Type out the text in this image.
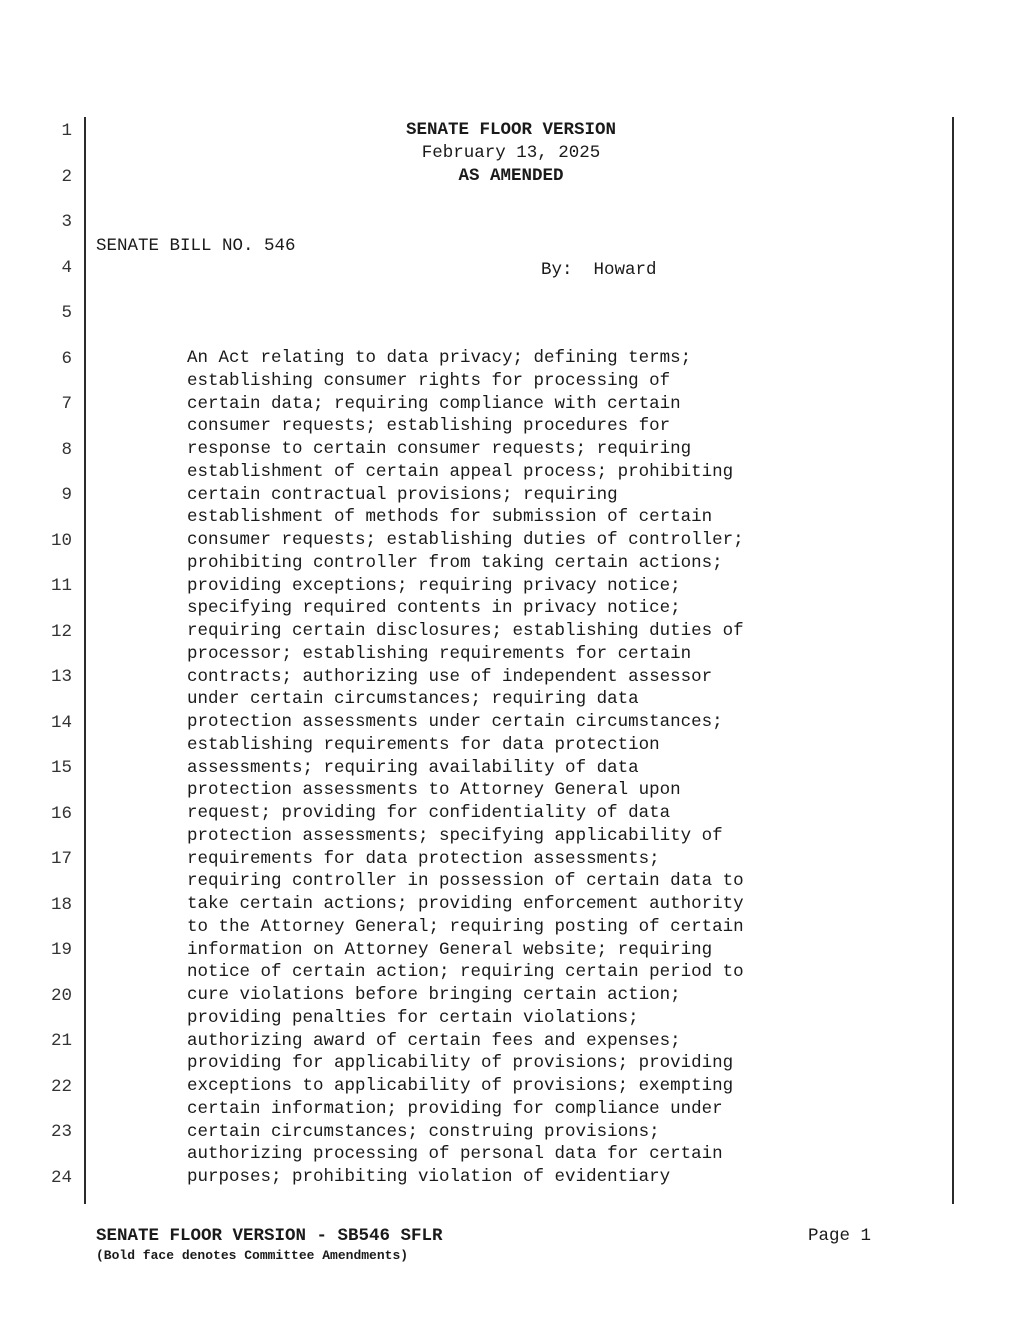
1
2
3
4
5
6
7
8
9
10
11
12
13
14
15
16
17
18
19
20
21
22
23
24
SENATE FLOOR VERSION
February 13, 2025
AS AMENDED

SENATE BILL NO. 546

By:  Howard

An Act relating to data privacy; defining terms;
establishing consumer rights for processing of
certain data; requiring compliance with certain
consumer requests; establishing procedures for
response to certain consumer requests; requiring
establishment of certain appeal process; prohibiting
certain contractual provisions; requiring
establishment of methods for submission of certain
consumer requests; establishing duties of controller;
prohibiting controller from taking certain actions;
providing exceptions; requiring privacy notice;
specifying required contents in privacy notice;
requiring certain disclosures; establishing duties of
processor; establishing requirements for certain
contracts; authorizing use of independent assessor
under certain circumstances; requiring data
protection assessments under certain circumstances;
establishing requirements for data protection
assessments; requiring availability of data
protection assessments to Attorney General upon
request; providing for confidentiality of data
protection assessments; specifying applicability of
requirements for data protection assessments;
requiring controller in possession of certain data to
take certain actions; providing enforcement authority
to the Attorney General; requiring posting of certain
information on Attorney General website; requiring
notice of certain action; requiring certain period to
cure violations before bringing certain action;
providing penalties for certain violations;
authorizing award of certain fees and expenses;
providing for applicability of provisions; providing
exceptions to applicability of provisions; exempting
certain information; providing for compliance under
certain circumstances; construing provisions;
authorizing processing of personal data for certain
purposes; prohibiting violation of evidentiary
SENATE FLOOR VERSION - SB546 SFLR
(Bold face denotes Committee Amendments)
Page 1
